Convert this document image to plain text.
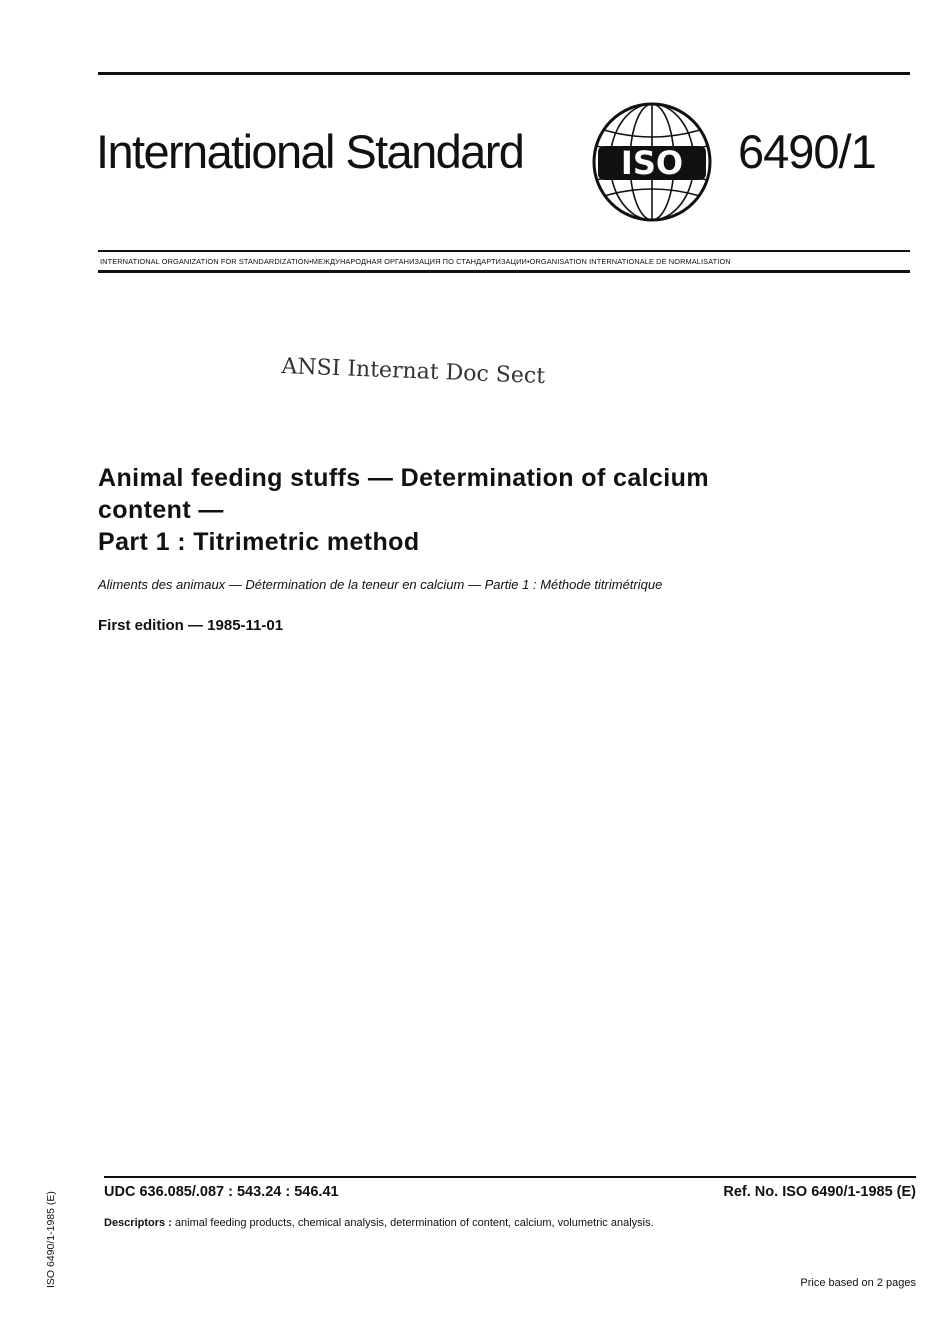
International Standard	ISO 6490/1
INTERNATIONAL ORGANIZATION FOR STANDARDIZATION•МЕЖДУНАРОДНАЯ ОРГАНИЗАЦИЯ ПО СТАНДАРТИЗАЦИИ•ORGANISATION INTERNATIONALE DE NORMALISATION
ANSI Internat Doc Sect
Animal feeding stuffs — Determination of calcium
content —
Part 1 : Titrimetric method
Aliments des animaux — Détermination de la teneur en calcium — Partie 1 : Méthode titrimétrique
First edition — 1985-11-01
UDC 636.085/.087 : 543.24 : 546.41	Ref. No. ISO 6490/1-1985 (E)
Descriptors : animal feeding products, chemical analysis, determination of content, calcium, volumetric analysis.
Price based on 2 pages
ISO 6490/1-1985 (E)
